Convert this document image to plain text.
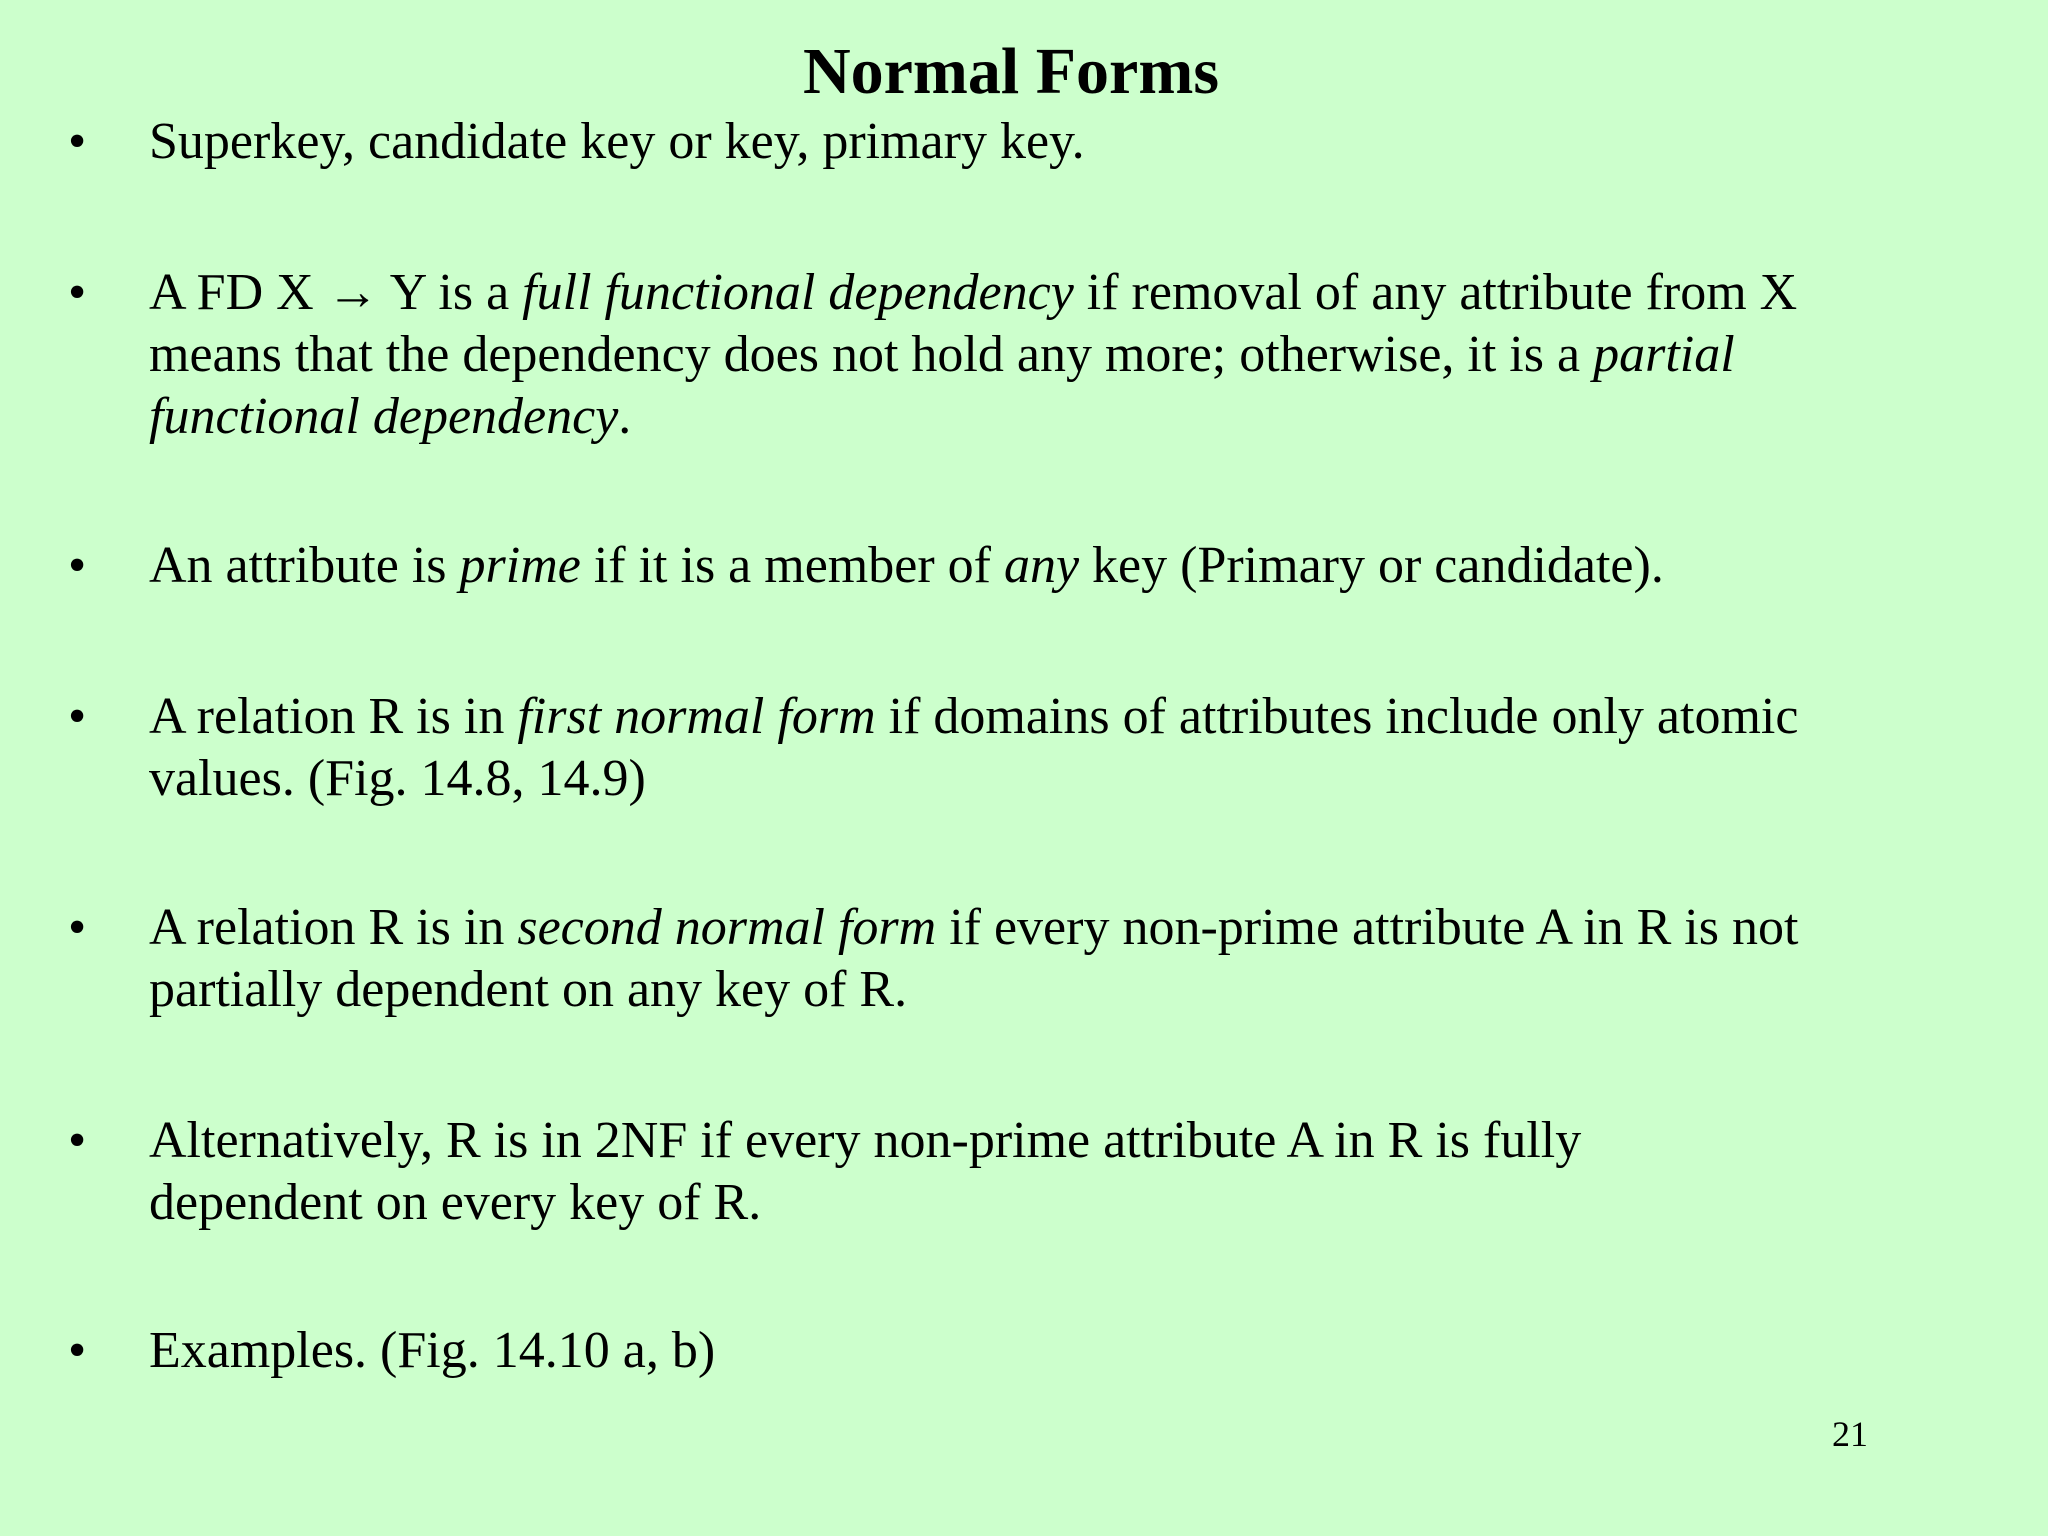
Normal Forms
•	Superkey, candidate key or key, primary key.
•	A FD X → Y is a full functional dependency if removal of any attribute from X
means that the dependency does not hold any more; otherwise, it is a partial
functional dependency.
•	An attribute is prime if it is a member of any key (Primary or candidate).
•	A relation R is in first normal form if domains of attributes include only atomic
values. (Fig. 14.8, 14.9)
•	A relation R is in second normal form if every non-prime attribute A in R is not
partially dependent on any key of R.
•	Alternatively, R is in 2NF if every non-prime attribute A in R is fully
dependent on every key of R.
•	Examples. (Fig. 14.10 a, b)
21
